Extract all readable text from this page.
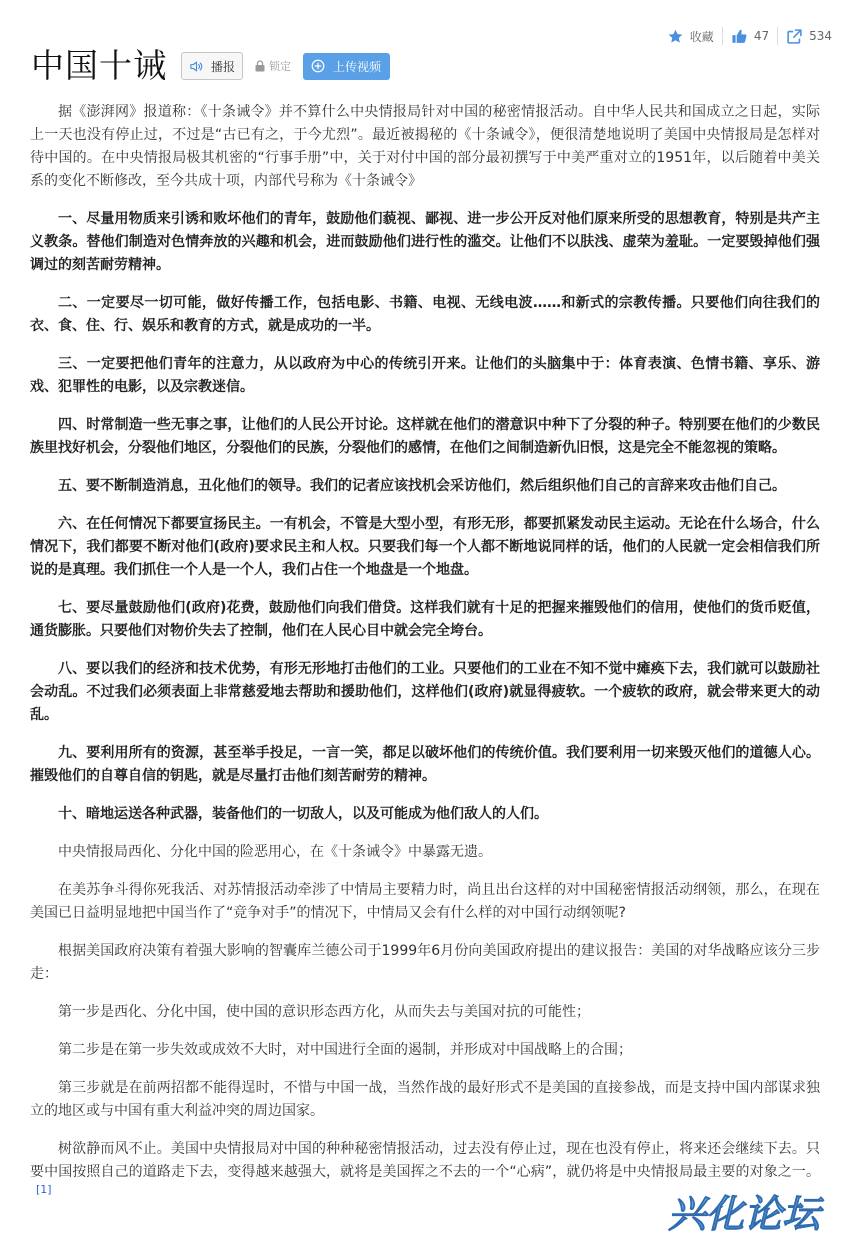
收藏	47	534
中国十诫	播报	锁定	上传视频

据《澎湃网》报道称：《十条诫令》并不算什么中央情报局针对中国的秘密情报活动。自中华人民共和国成立之日起，实际上一天也没有停止过，不过是“古已有之，于今尤烈”。最近被揭秘的《十条诫令》，便很清楚地说明了美国中央情报局是怎样对待中国的。在中央情报局极其机密的“行事手册”中，关于对付中国的部分最初撰写于中美严重对立的1951年，以后随着中美关系的变化不断修改，至今共成十项，内部代号称为《十条诫令》

一、尽量用物质来引诱和败坏他们的青年，鼓励他们藐视、鄙视、进一步公开反对他们原来所受的思想教育，特别是共产主义教条。替他们制造对色情奔放的兴趣和机会，进而鼓励他们进行性的滥交。让他们不以肤浅、虚荣为羞耻。一定要毁掉他们强调过的刻苦耐劳精神。

二、一定要尽一切可能，做好传播工作，包括电影、书籍、电视、无线电波……和新式的宗教传播。只要他们向往我们的衣、食、住、行、娱乐和教育的方式，就是成功的一半。

三、一定要把他们青年的注意力，从以政府为中心的传统引开来。让他们的头脑集中于：体育表演、色情书籍、享乐、游戏、犯罪性的电影，以及宗教迷信。

四、时常制造一些无事之事，让他们的人民公开讨论。这样就在他们的潜意识中种下了分裂的种子。特别要在他们的少数民族里找好机会，分裂他们地区，分裂他们的民族，分裂他们的感情，在他们之间制造新仇旧恨，这是完全不能忽视的策略。

五、要不断制造消息，丑化他们的领导。我们的记者应该找机会采访他们，然后组织他们自己的言辞来攻击他们自己。

六、在任何情况下都要宣扬民主。一有机会，不管是大型小型，有形无形，都要抓紧发动民主运动。无论在什么场合，什么情况下，我们都要不断对他们(政府)要求民主和人权。只要我们每一个人都不断地说同样的话，他们的人民就一定会相信我们所说的是真理。我们抓住一个人是一个人，我们占住一个地盘是一个地盘。

七、要尽量鼓励他们(政府)花费，鼓励他们向我们借贷。这样我们就有十足的把握来摧毁他们的信用，使他们的货币贬值，通货膨胀。只要他们对物价失去了控制，他们在人民心目中就会完全垮台。

八、要以我们的经济和技术优势，有形无形地打击他们的工业。只要他们的工业在不知不觉中瘫痪下去，我们就可以鼓励社会动乱。不过我们必须表面上非常慈爱地去帮助和援助他们，这样他们(政府)就显得疲软。一个疲软的政府，就会带来更大的动乱。

九、要利用所有的资源，甚至举手投足，一言一笑，都足以破坏他们的传统价值。我们要利用一切来毁灭他们的道德人心。摧毁他们的自尊自信的钥匙，就是尽量打击他们刻苦耐劳的精神。

十、暗地运送各种武器，装备他们的一切敌人，以及可能成为他们敌人的人们。

中央情报局西化、分化中国的险恶用心，在《十条诫令》中暴露无遗。

在美苏争斗得你死我活、对苏情报活动牵涉了中情局主要精力时，尚且出台这样的对中国秘密情报活动纲领，那么，在现在美国已日益明显地把中国当作了“竞争对手”的情况下，中情局又会有什么样的对中国行动纲领呢?

根据美国政府决策有着强大影响的智囊库兰德公司于1999年6月份向美国政府提出的建议报告：美国的对华战略应该分三步走：

第一步是西化、分化中国，使中国的意识形态西方化，从而失去与美国对抗的可能性；

第二步是在第一步失效或成效不大时，对中国进行全面的遏制，并形成对中国战略上的合围；

第三步就是在前两招都不能得逞时，不惜与中国一战，当然作战的最好形式不是美国的直接参战，而是支持中国内部谋求独立的地区或与中国有重大利益冲突的周边国家。

树欲静而风不止。美国中央情报局对中国的种种秘密情报活动，过去没有停止过，现在也没有停止，将来还会继续下去。只要中国按照自己的道路走下去，变得越来越强大，就将是美国挥之不去的一个“心病”，就仍将是中央情报局最主要的对象之一。[1]

兴化论坛
